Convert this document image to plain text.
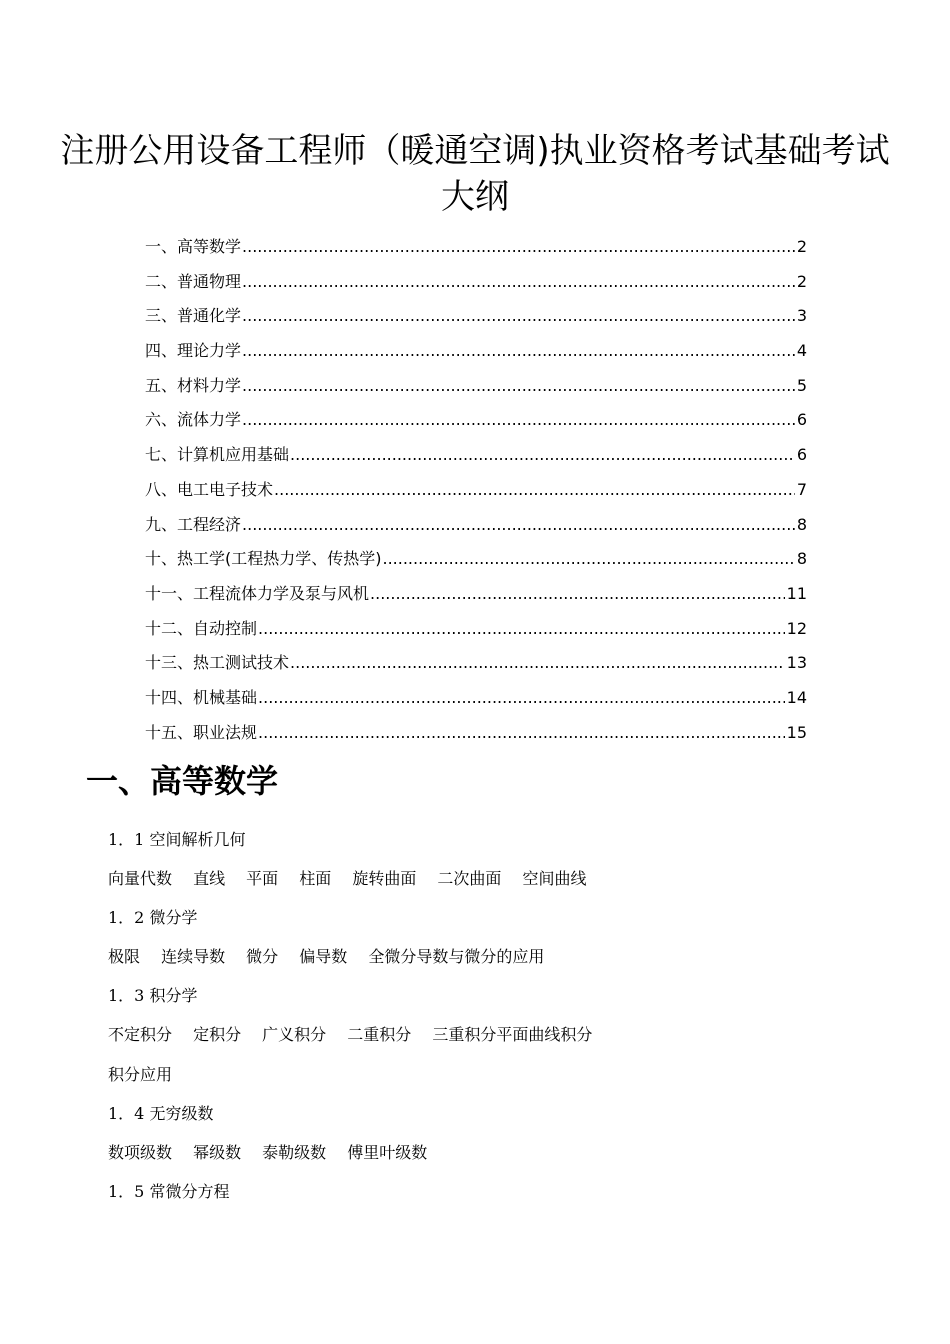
注册公用设备工程师（暖通空调)执业资格考试基础考试大纲
一、高等数学 .....	2
二、普通物理 .....	2
三、普通化学 .....	3
四、理论力学 .....	4
五、材料力学 .....	5
六、流体力学 .....	6
七、计算机应用基础 .....	6
八、电工电子技术 .....	7
九、工程经济 .....	8
十、热工学(工程热力学、传热学) .....	8
十一、工程流体力学及泵与风机 .....	11
十二、自动控制 .....	12
十三、热工测试技术 .....	13
十四、机械基础 .....	14
十五、职业法规 .....	15
一、高等数学
1．1 空间解析几何
向量代数　 直线　 平面　 柱面　 旋转曲面　 二次曲面　 空间曲线
1．2 微分学
极限　 连续导数　 微分　 偏导数　 全微分导数与微分的应用
1．3 积分学
不定积分　 定积分　 广义积分　 二重积分　 三重积分平面曲线积分
积分应用
1．4 无穷级数
数项级数　 幂级数　 泰勒级数　 傅里叶级数
1．5 常微分方程
